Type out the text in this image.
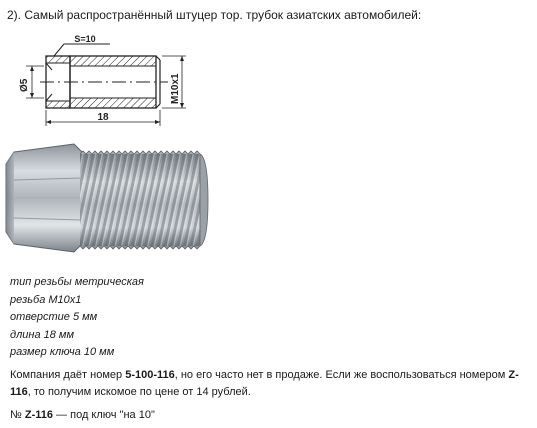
2). Самый распространённый штуцер тор. трубок азиатских автомобилей:
S=10
Ø5	M10x1
18
тип резьбы метрическая
резьба М10х1
отверстие 5 мм
длина 18 мм
размер ключа 10 мм
Компания даёт номер 5-100-116, но его часто нет в продаже. Если же воспользоваться номером Z-116, то получим искомое по цене от 14 рублей.
№ Z-116 — под ключ "на 10"
